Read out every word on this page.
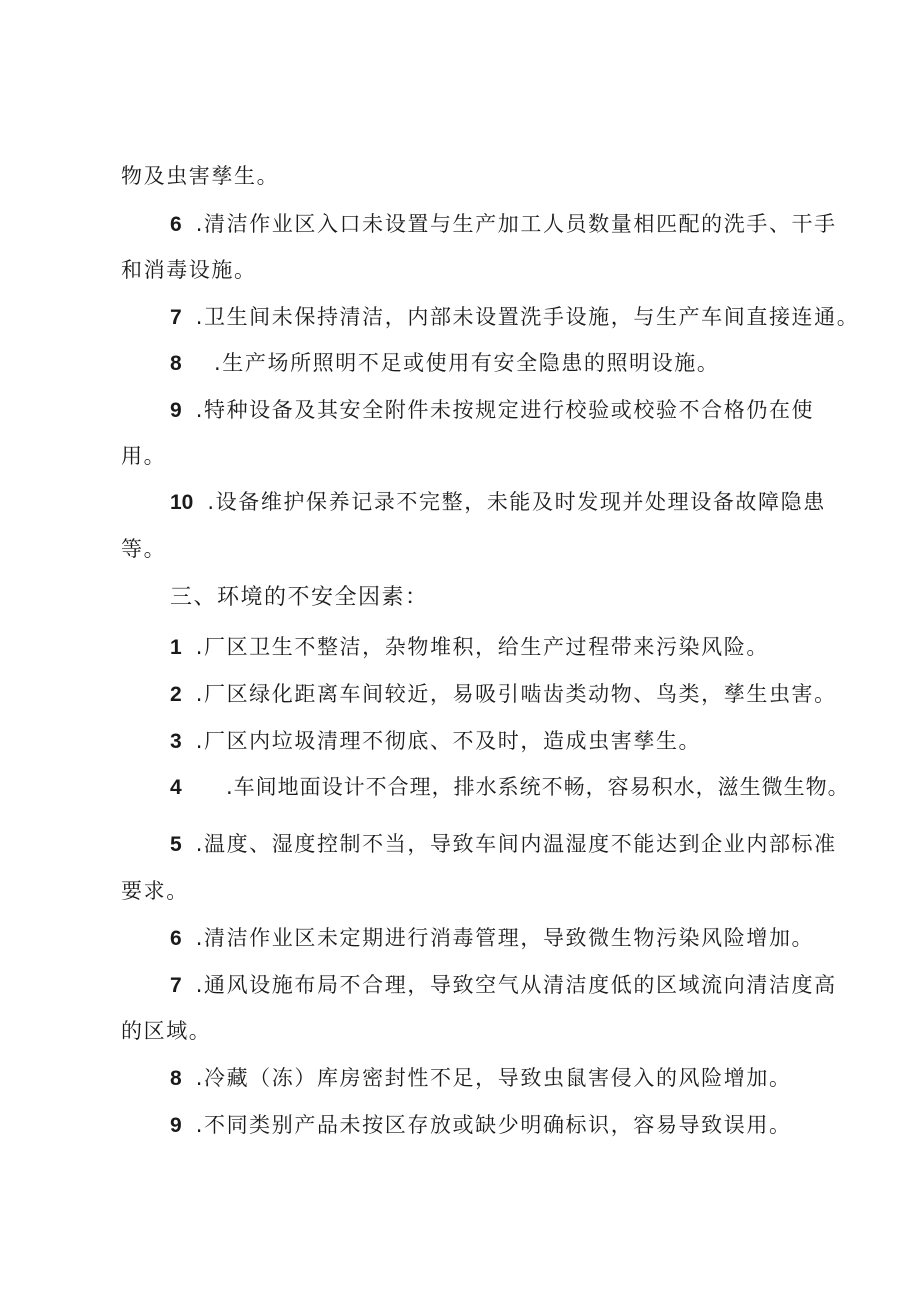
物及虫害孳生。
6 .清洁作业区入口未设置与生产加工人员数量相匹配的洗手、干手
和消毒设施。
7 .卫生间未保持清洁，内部未设置洗手设施，与生产车间直接连通。
8 .生产场所照明不足或使用有安全隐患的照明设施。
9 .特种设备及其安全附件未按规定进行校验或校验不合格仍在使
用。
10 .设备维护保养记录不完整，未能及时发现并处理设备故障隐患
等。
三、环境的不安全因素：
1 .厂区卫生不整洁，杂物堆积，给生产过程带来污染风险。
2 .厂区绿化距离车间较近，易吸引啮齿类动物、鸟类，孳生虫害。
3 .厂区内垃圾清理不彻底、不及时，造成虫害孳生。
4 .车间地面设计不合理，排水系统不畅，容易积水，滋生微生物。
5 .温度、湿度控制不当，导致车间内温湿度不能达到企业内部标准
要求。
6 .清洁作业区未定期进行消毒管理，导致微生物污染风险增加。
7 .通风设施布局不合理，导致空气从清洁度低的区域流向清洁度高
的区域。
8 .冷藏（冻）库房密封性不足，导致虫鼠害侵入的风险增加。
9 .不同类别产品未按区存放或缺少明确标识，容易导致误用。
